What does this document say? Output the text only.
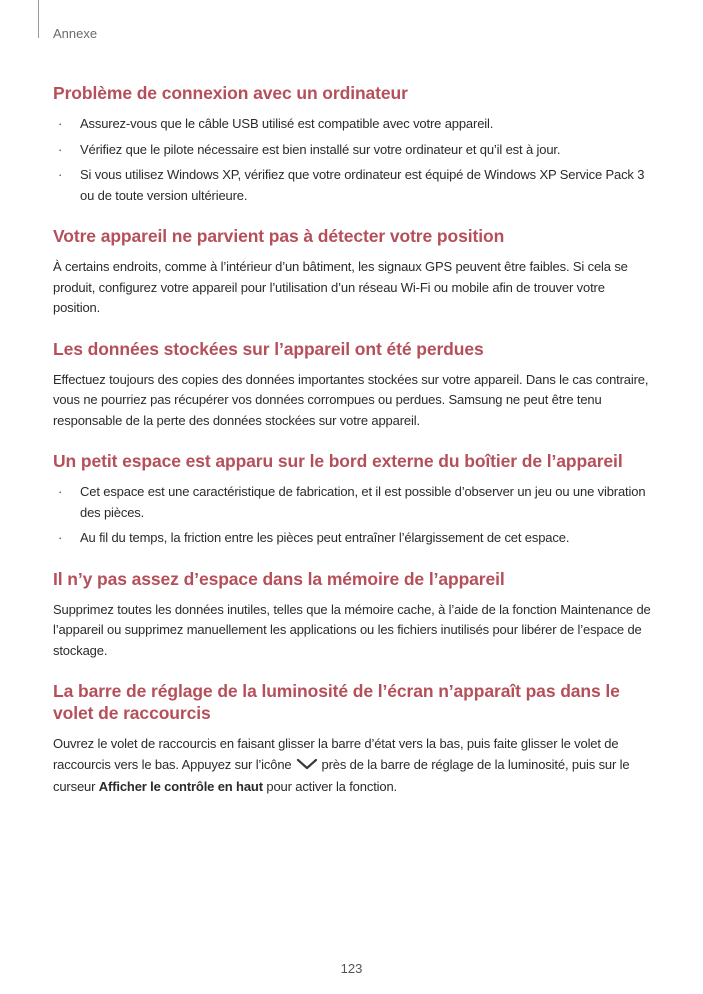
Annexe
Problème de connexion avec un ordinateur
· Assurez-vous que le câble USB utilisé est compatible avec votre appareil.
· Vérifiez que le pilote nécessaire est bien installé sur votre ordinateur et qu’il est à jour.
· Si vous utilisez Windows XP, vérifiez que votre ordinateur est équipé de Windows XP Service Pack 3 ou de toute version ultérieure.
Votre appareil ne parvient pas à détecter votre position

À certains endroits, comme à l’intérieur d’un bâtiment, les signaux GPS peuvent être faibles. Si cela se produit, configurez votre appareil pour l’utilisation d’un réseau Wi-Fi ou mobile afin de trouver votre position.

Les données stockées sur l’appareil ont été perdues

Effectuez toujours des copies des données importantes stockées sur votre appareil. Dans le cas contraire, vous ne pourriez pas récupérer vos données corrompues ou perdues. Samsung ne peut être tenu responsable de la perte des données stockées sur votre appareil.

Un petit espace est apparu sur le bord externe du boîtier de l’appareil
· Cet espace est une caractéristique de fabrication, et il est possible d’observer un jeu ou une vibration des pièces.
· Au fil du temps, la friction entre les pièces peut entraîner l’élargissement de cet espace.
Il n’y pas assez d’espace dans la mémoire de l’appareil

Supprimez toutes les données inutiles, telles que la mémoire cache, à l’aide de la fonction Maintenance de l’appareil ou supprimez manuellement les applications ou les fichiers inutilisés pour libérer de l’espace de stockage.

La barre de réglage de la luminosité de l’écran n’apparaît pas dans le volet de raccourcis

Ouvrez le volet de raccourcis en faisant glisser la barre d’état vers la bas, puis faite glisser le volet de raccourcis vers le bas. Appuyez sur l’icône près de la barre de réglage de la luminosité, puis sur le curseur Afficher le contrôle en haut pour activer la fonction.

123
